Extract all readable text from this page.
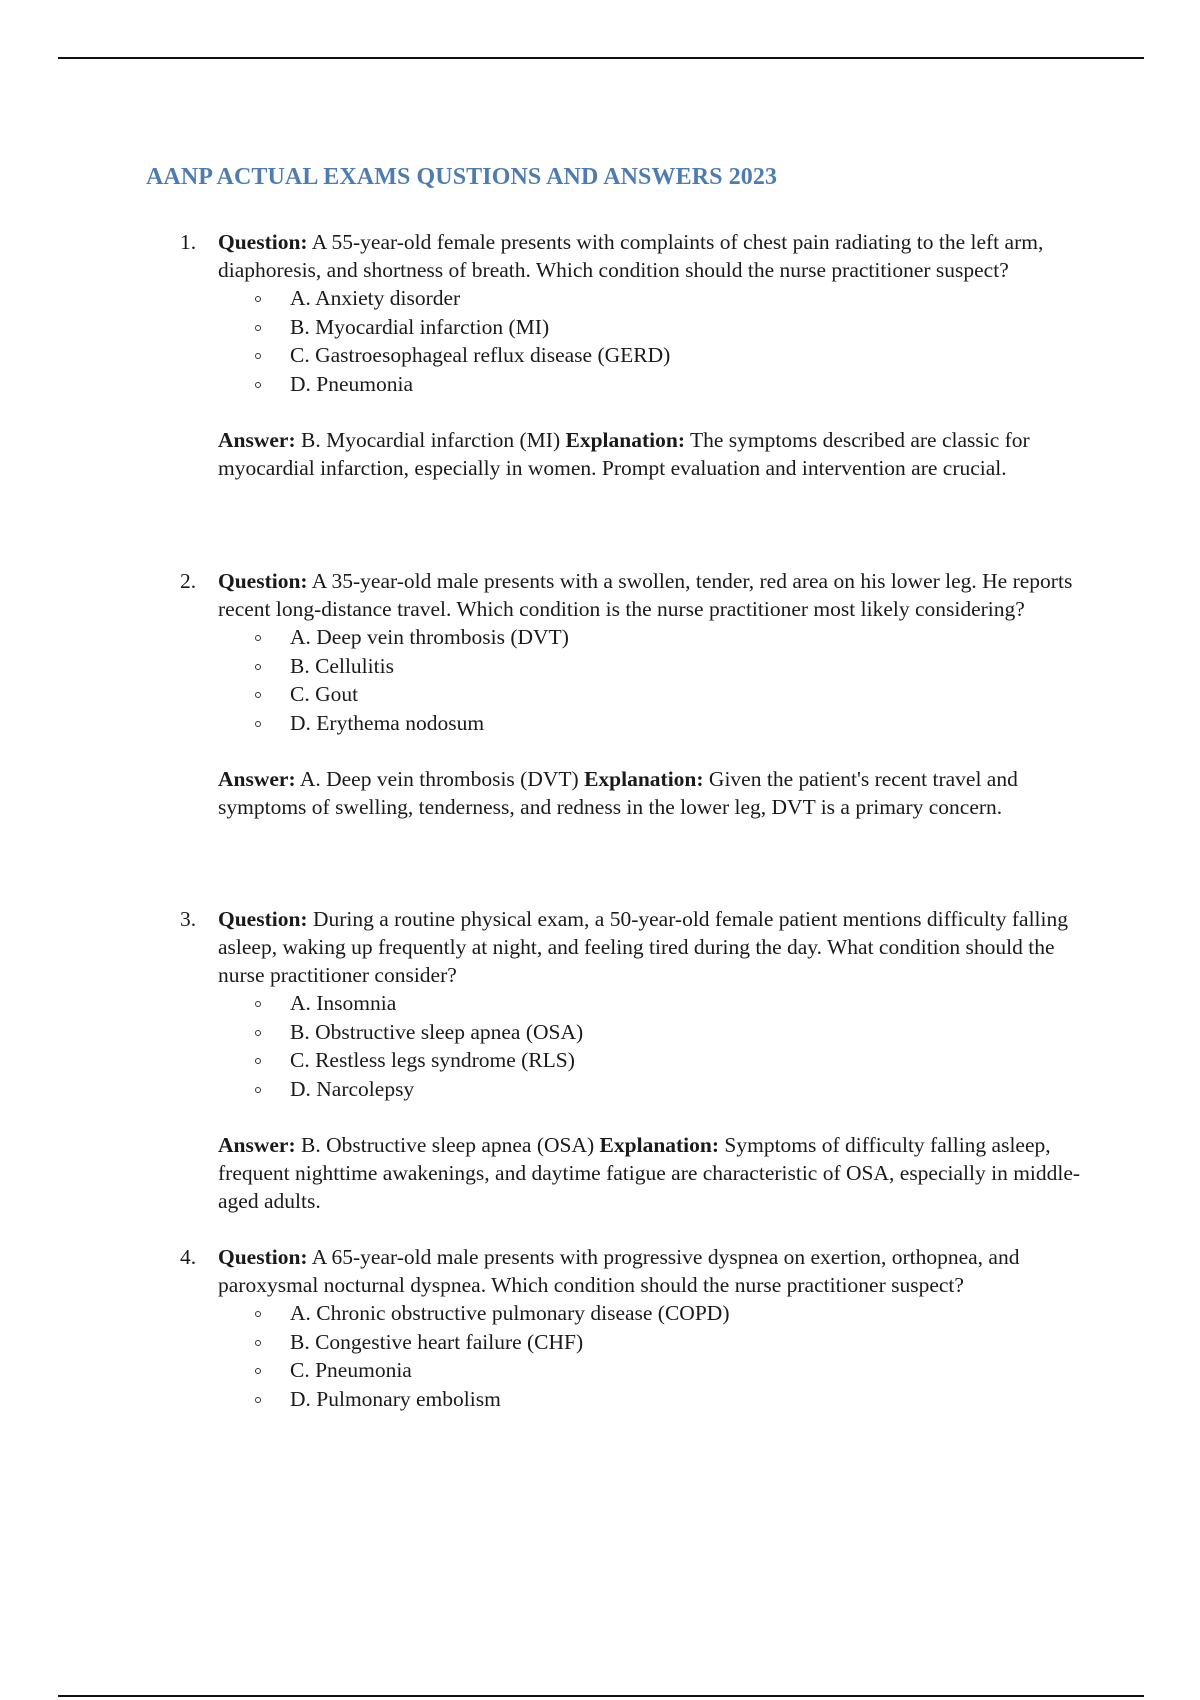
AANP ACTUAL EXAMS QUSTIONS AND ANSWERS 2023
1. Question: A 55-year-old female presents with complaints of chest pain radiating to the left arm, diaphoresis, and shortness of breath. Which condition should the nurse practitioner suspect?
A. Anxiety disorder
B. Myocardial infarction (MI)
C. Gastroesophageal reflux disease (GERD)
D. Pneumonia
Answer: B. Myocardial infarction (MI) Explanation: The symptoms described are classic for myocardial infarction, especially in women. Prompt evaluation and intervention are crucial.
2. Question: A 35-year-old male presents with a swollen, tender, red area on his lower leg. He reports recent long-distance travel. Which condition is the nurse practitioner most likely considering?
A. Deep vein thrombosis (DVT)
B. Cellulitis
C. Gout
D. Erythema nodosum
Answer: A. Deep vein thrombosis (DVT) Explanation: Given the patient's recent travel and symptoms of swelling, tenderness, and redness in the lower leg, DVT is a primary concern.
3. Question: During a routine physical exam, a 50-year-old female patient mentions difficulty falling asleep, waking up frequently at night, and feeling tired during the day. What condition should the nurse practitioner consider?
A. Insomnia
B. Obstructive sleep apnea (OSA)
C. Restless legs syndrome (RLS)
D. Narcolepsy
Answer: B. Obstructive sleep apnea (OSA) Explanation: Symptoms of difficulty falling asleep, frequent nighttime awakenings, and daytime fatigue are characteristic of OSA, especially in middle-aged adults.
4. Question: A 65-year-old male presents with progressive dyspnea on exertion, orthopnea, and paroxysmal nocturnal dyspnea. Which condition should the nurse practitioner suspect?
A. Chronic obstructive pulmonary disease (COPD)
B. Congestive heart failure (CHF)
C. Pneumonia
D. Pulmonary embolism
